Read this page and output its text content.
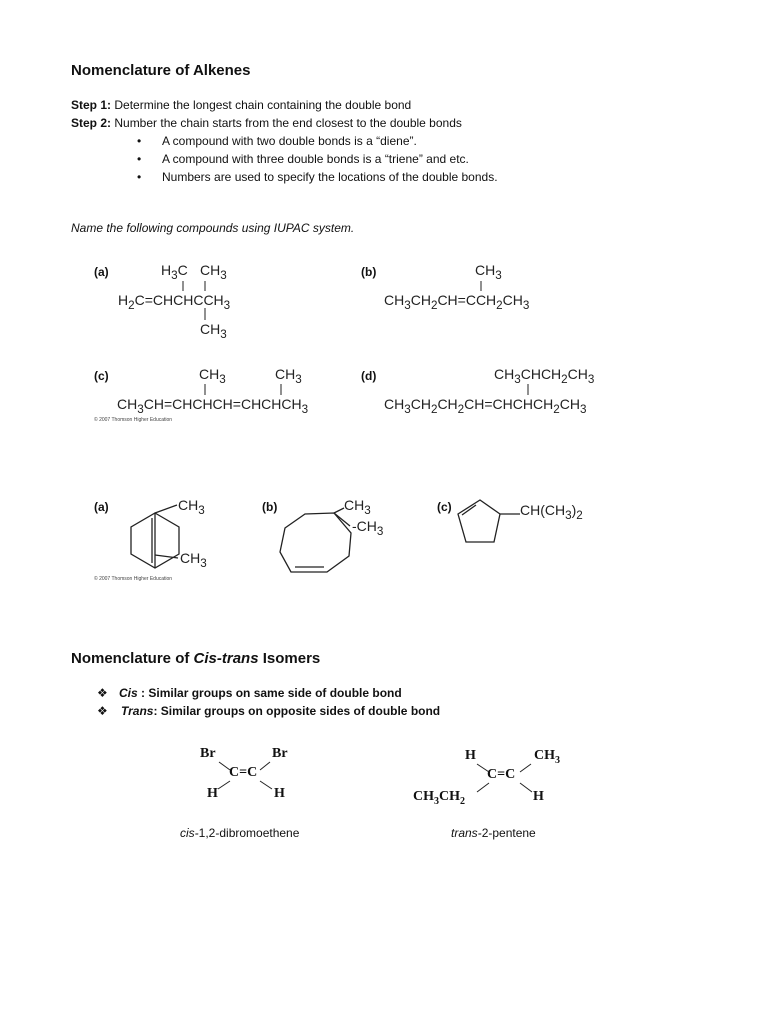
Nomenclature of Alkenes
Step 1: Determine the longest chain containing the double bond
Step 2: Number the chain starts from the end closest to the double bonds
• A compound with two double bonds is a “diene”.
• A compound with three double bonds is a “triene” and etc.
• Numbers are used to specify the locations of the double bonds.
Name the following compounds using IUPAC system.
(a)	$H_3C$ $CH_3$
$H_2C=CHCHCCH_3$
$CH_3$
(b)	$CH_3$
$CH_3CH_2CH=CCH_2CH_3$
(c)	$CH_3$	$CH_3$
$CH_3CH=CHCHCH=CHCHCH_3$
© 2007 Thomson Higher Education
(d)	$CH_3CHCH_2CH_3$
$CH_3CH_2CH_2CH=CHCHCH_2CH_3$
(a)	$CH_3$
$CH_3$
© 2007 Thomson Higher Education
(b)	$CH_3$
$-CH_3$
(c)	$CH(CH_3)_2$
Nomenclature of Cis-trans Isomers
❖ Cis : Similar groups on same side of double bond
❖ Trans: Similar groups on opposite sides of double bond
Br	Br
C=C
H	H
cis-1,2-dibromoethene
H	$CH_3$
C=C
$CH_3CH_2$	H
trans-2-pentene
